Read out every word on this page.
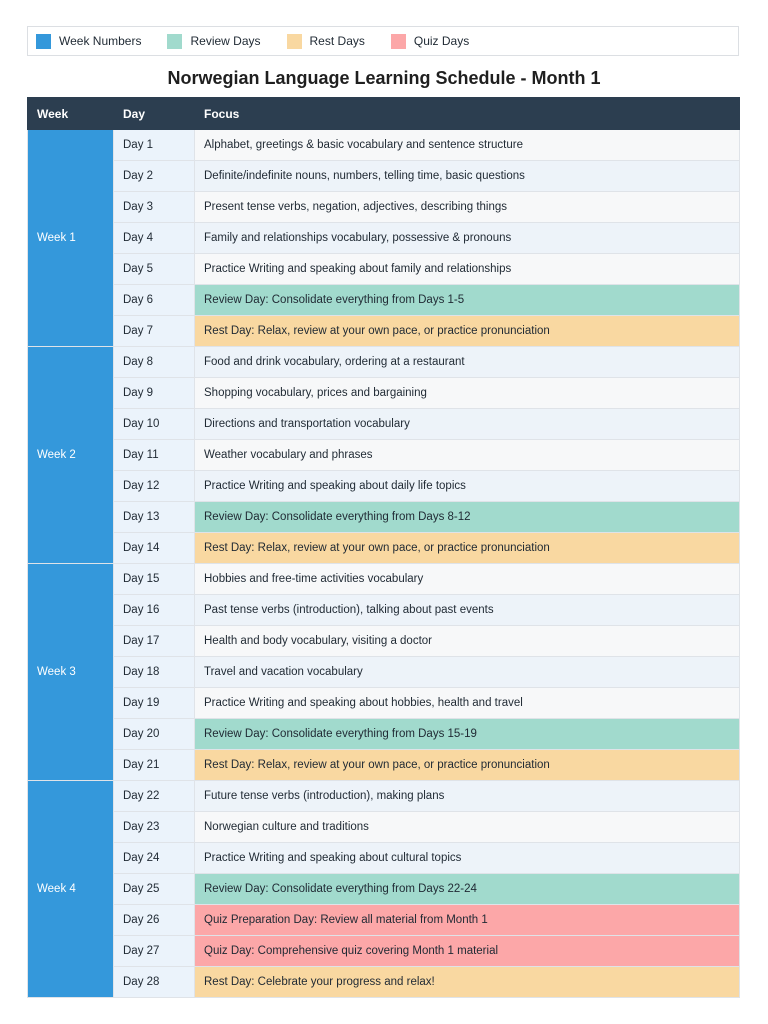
Week Numbers	Review Days	Rest Days	Quiz Days
Norwegian Language Learning Schedule - Month 1
Week	Day	Focus
Week 1	Day 1	Alphabet, greetings & basic vocabulary and sentence structure
	Day 2	Definite/indefinite nouns, numbers, telling time, basic questions
	Day 3	Present tense verbs, negation, adjectives, describing things
	Day 4	Family and relationships vocabulary, possessive & pronouns
	Day 5	Practice Writing and speaking about family and relationships
	Day 6	Review Day: Consolidate everything from Days 1-5
	Day 7	Rest Day: Relax, review at your own pace, or practice pronunciation
Week 2	Day 8	Food and drink vocabulary, ordering at a restaurant
	Day 9	Shopping vocabulary, prices and bargaining
	Day 10	Directions and transportation vocabulary
	Day 11	Weather vocabulary and phrases
	Day 12	Practice Writing and speaking about daily life topics
	Day 13	Review Day: Consolidate everything from Days 8-12
	Day 14	Rest Day: Relax, review at your own pace, or practice pronunciation
Week 3	Day 15	Hobbies and free-time activities vocabulary
	Day 16	Past tense verbs (introduction), talking about past events
	Day 17	Health and body vocabulary, visiting a doctor
	Day 18	Travel and vacation vocabulary
	Day 19	Practice Writing and speaking about hobbies, health and travel
	Day 20	Review Day: Consolidate everything from Days 15-19
	Day 21	Rest Day: Relax, review at your own pace, or practice pronunciation
Week 4	Day 22	Future tense verbs (introduction), making plans
	Day 23	Norwegian culture and traditions
	Day 24	Practice Writing and speaking about cultural topics
	Day 25	Review Day: Consolidate everything from Days 22-24
	Day 26	Quiz Preparation Day: Review all material from Month 1
	Day 27	Quiz Day: Comprehensive quiz covering Month 1 material
	Day 28	Rest Day: Celebrate your progress and relax!
